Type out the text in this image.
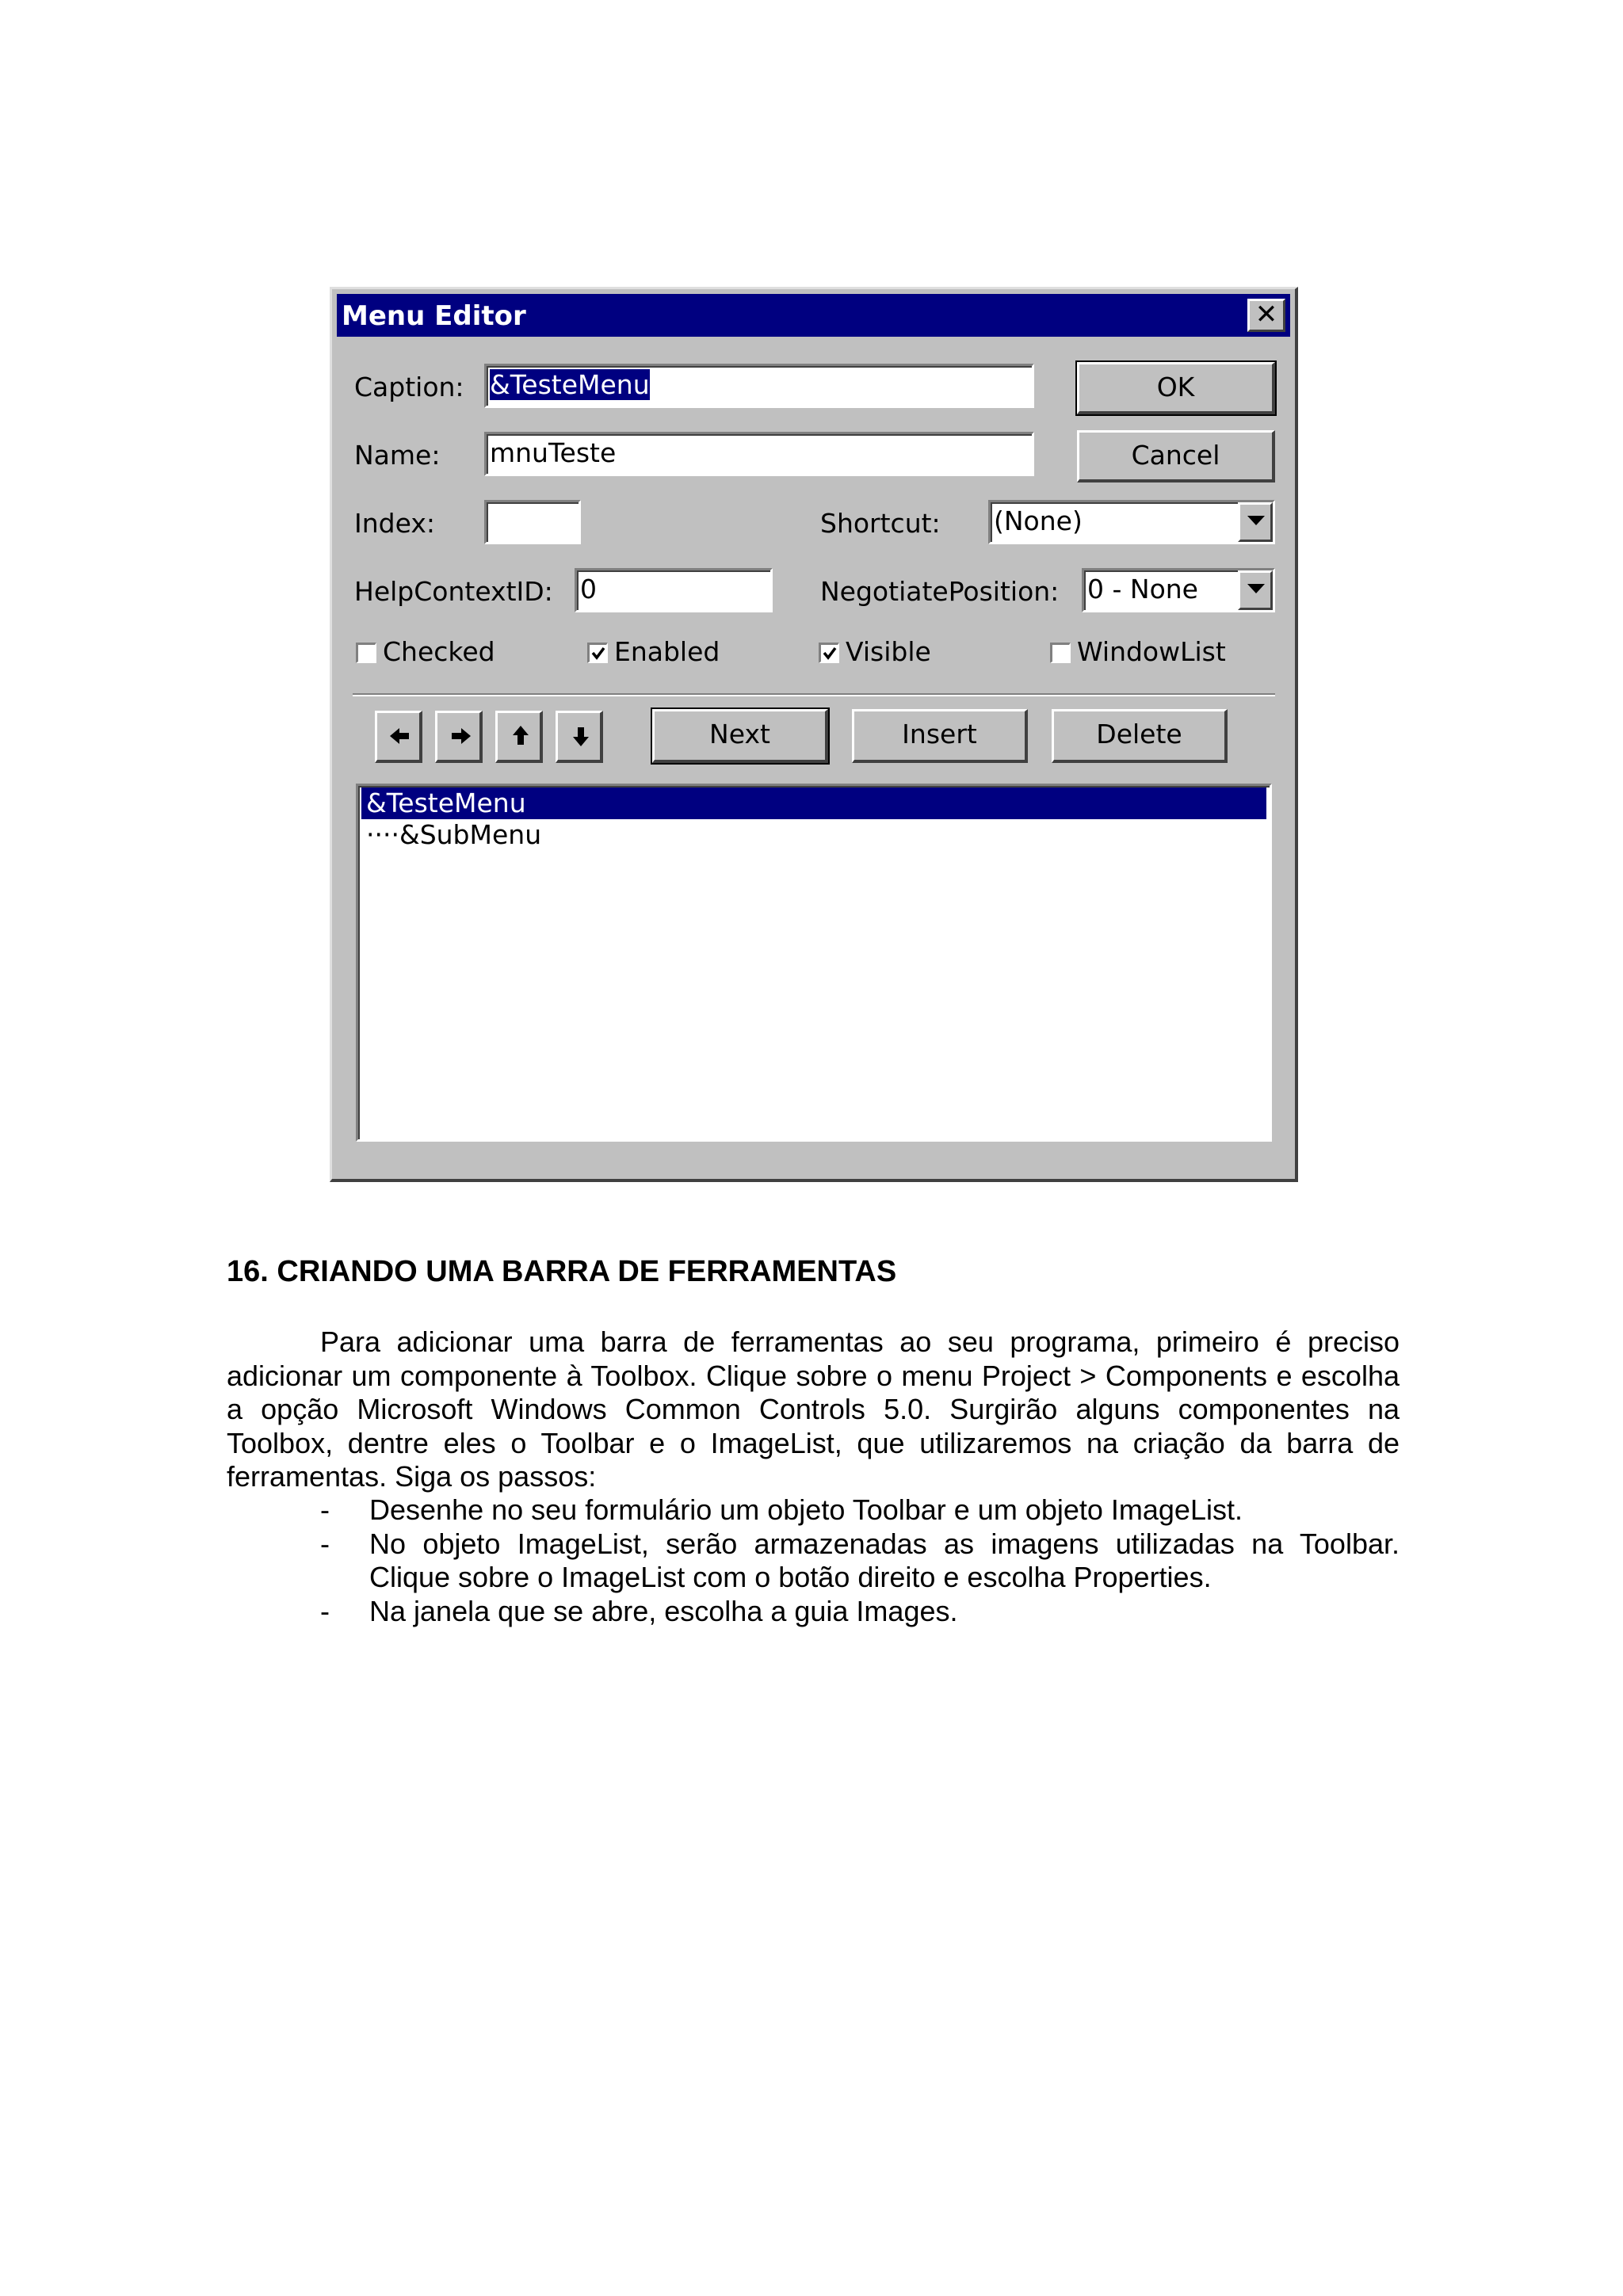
Menu Editor	✕
Caption: &TesteMenu
Name: mnuTeste
OK
Cancel
Index:	Shortcut: (None)
HelpContextID: 0	NegotiatePosition: 0 - None
Checked	Enabled	Visible	WindowList
Next	Insert	Delete
&TesteMenu
····&SubMenu
16. CRIANDO UMA BARRA DE FERRAMENTAS
Para adicionar uma barra de ferramentas ao seu programa, primeiro é preciso adicionar um componente à Toolbox. Clique sobre o menu Project > Components e escolha a opção Microsoft Windows Common Controls 5.0. Surgirão alguns componentes na Toolbox, dentre eles o Toolbar e o ImageList, que utilizaremos na criação da barra de ferramentas. Siga os passos:
- Desenhe no seu formulário um objeto Toolbar e um objeto ImageList.
- No objeto ImageList, serão armazenadas as imagens utilizadas na Toolbar. Clique sobre o ImageList com o botão direito e escolha Properties.
- Na janela que se abre, escolha a guia Images.
